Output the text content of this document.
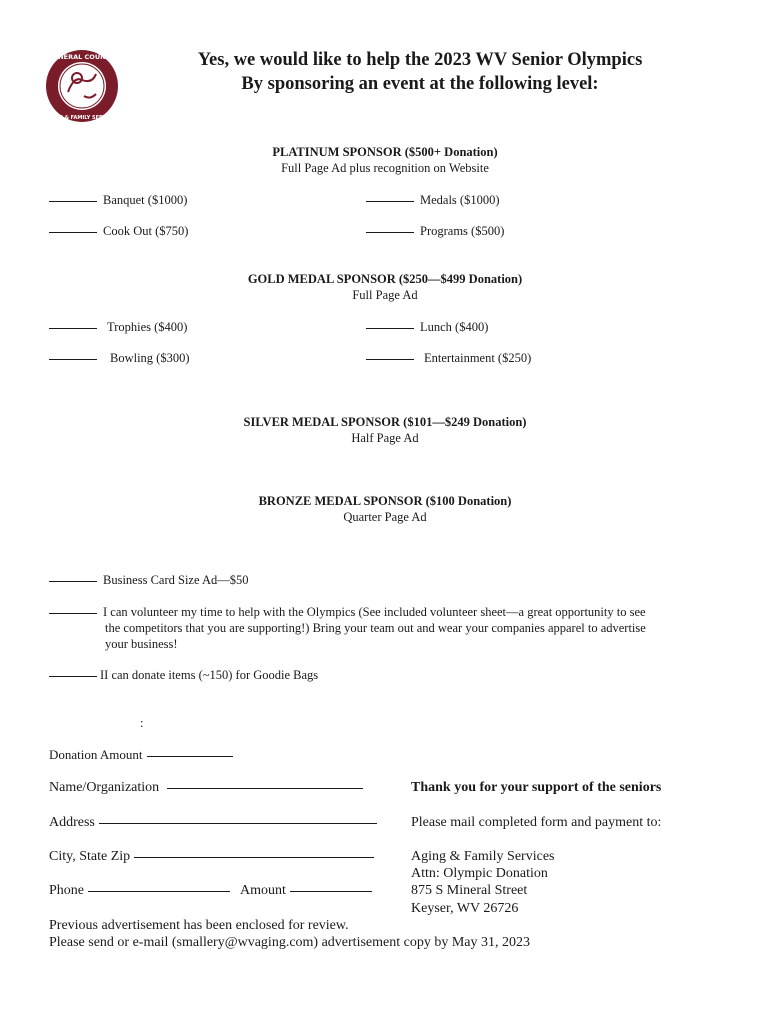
MINERAL COUNTY
AGING & FAMILY SERVICES
Yes, we would like to help the 2023 WV Senior Olympics
By sponsoring an event at the following level:
PLATINUM SPONSOR ($500+ Donation)
Full Page Ad plus recognition on Website
Banquet ($1000)	Medals ($1000)
Cook Out ($750)	Programs ($500)
GOLD MEDAL SPONSOR ($250—$499 Donation)
Full Page Ad
Trophies ($400)	Lunch ($400)
Bowling ($300)	Entertainment ($250)
SILVER MEDAL SPONSOR ($101—$249 Donation)
Half Page Ad
BRONZE MEDAL SPONSOR ($100 Donation)
Quarter Page Ad
Business Card Size Ad—$50
I can volunteer my time to help with the Olympics (See included volunteer sheet—a great opportunity to see
the competitors that you are supporting!) Bring your team out and wear your companies apparel to advertise
your business!
II can donate items (~150) for Goodie Bags
:
Donation Amount
Name/Organization
Address
City, State Zip
Phone	Amount
Previous advertisement has been enclosed for review.
Please send or e-mail (smallery@wvaging.com) advertisement copy by May 31, 2023
Thank you for your support of the seniors
Please mail completed form and payment to:
Aging & Family Services
Attn: Olympic Donation
875 S Mineral Street
Keyser, WV 26726
